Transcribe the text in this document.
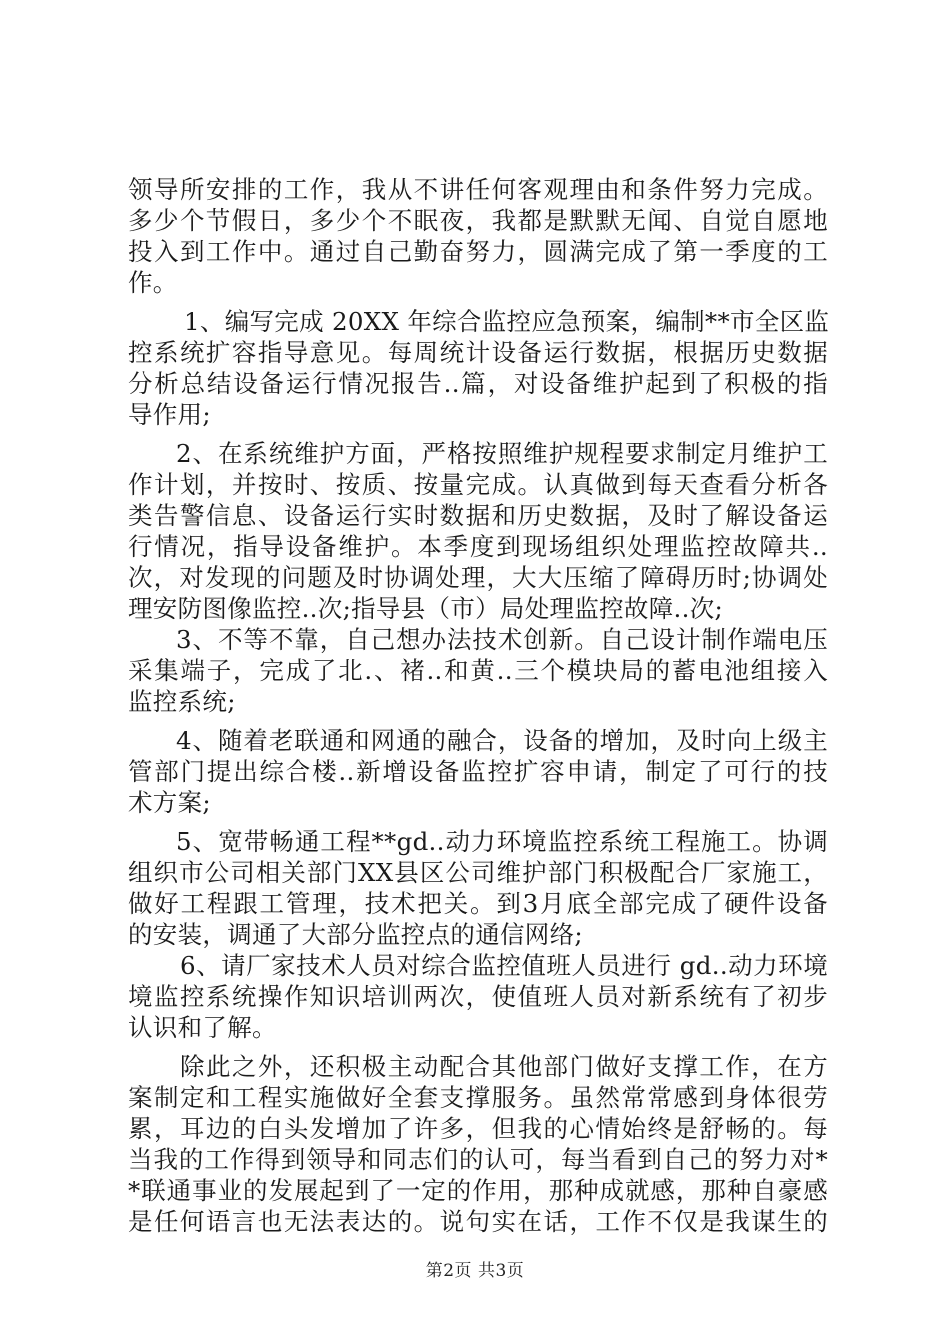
领导所安排的工作，我从不讲任何客观理由和条件努力完成。
多少个节假日，多少个不眠夜，我都是默默无闻、自觉自愿地
投入到工作中。通过自己勤奋努力，圆满完成了第一季度的工
作。
1、编写完成 20XX 年综合监控应急预案，编制**市全区监
控系统扩容指导意见。每周统计设备运行数据，根据历史数据
分析总结设备运行情况报告..篇，对设备维护起到了积极的指
导作用;
2、在系统维护方面，严格按照维护规程要求制定月维护工
作计划，并按时、按质、按量完成。认真做到每天查看分析各
类告警信息、设备运行实时数据和历史数据，及时了解设备运
行情况，指导设备维护。本季度到现场组织处理监控故障共..
次，对发现的问题及时协调处理，大大压缩了障碍历时;协调处
理安防图像监控..次;指导县（市）局处理监控故障..次;
3、不等不靠，自己想办法技术创新。自己设计制作端电压
采集端子，完成了北.、褚..和黄..三个模块局的蓄电池组接入
监控系统;
4、随着老联通和网通的融合，设备的增加，及时向上级主
管部门提出综合楼..新增设备监控扩容申请，制定了可行的技
术方案;
5、宽带畅通工程**gd..动力环境监控系统工程施工。协调
组织市公司相关部门XX县区公司维护部门积极配合厂家施工，
做好工程跟工管理，技术把关。到3月底全部完成了硬件设备
的安装，调通了大部分监控点的通信网络;
6、请厂家技术人员对综合监控值班人员进行 gd..动力环境
境监控系统操作知识培训两次，使值班人员对新系统有了初步
认识和了解。
除此之外，还积极主动配合其他部门做好支撑工作，在方
案制定和工程实施做好全套支撑服务。虽然常常感到身体很劳
累，耳边的白头发增加了许多，但我的心情始终是舒畅的。每
当我的工作得到领导和同志们的认可，每当看到自己的努力对*
*联通事业的发展起到了一定的作用，那种成就感，那种自豪感
是任何语言也无法表达的。说句实在话，工作不仅是我谋生的
第2页 共3页
